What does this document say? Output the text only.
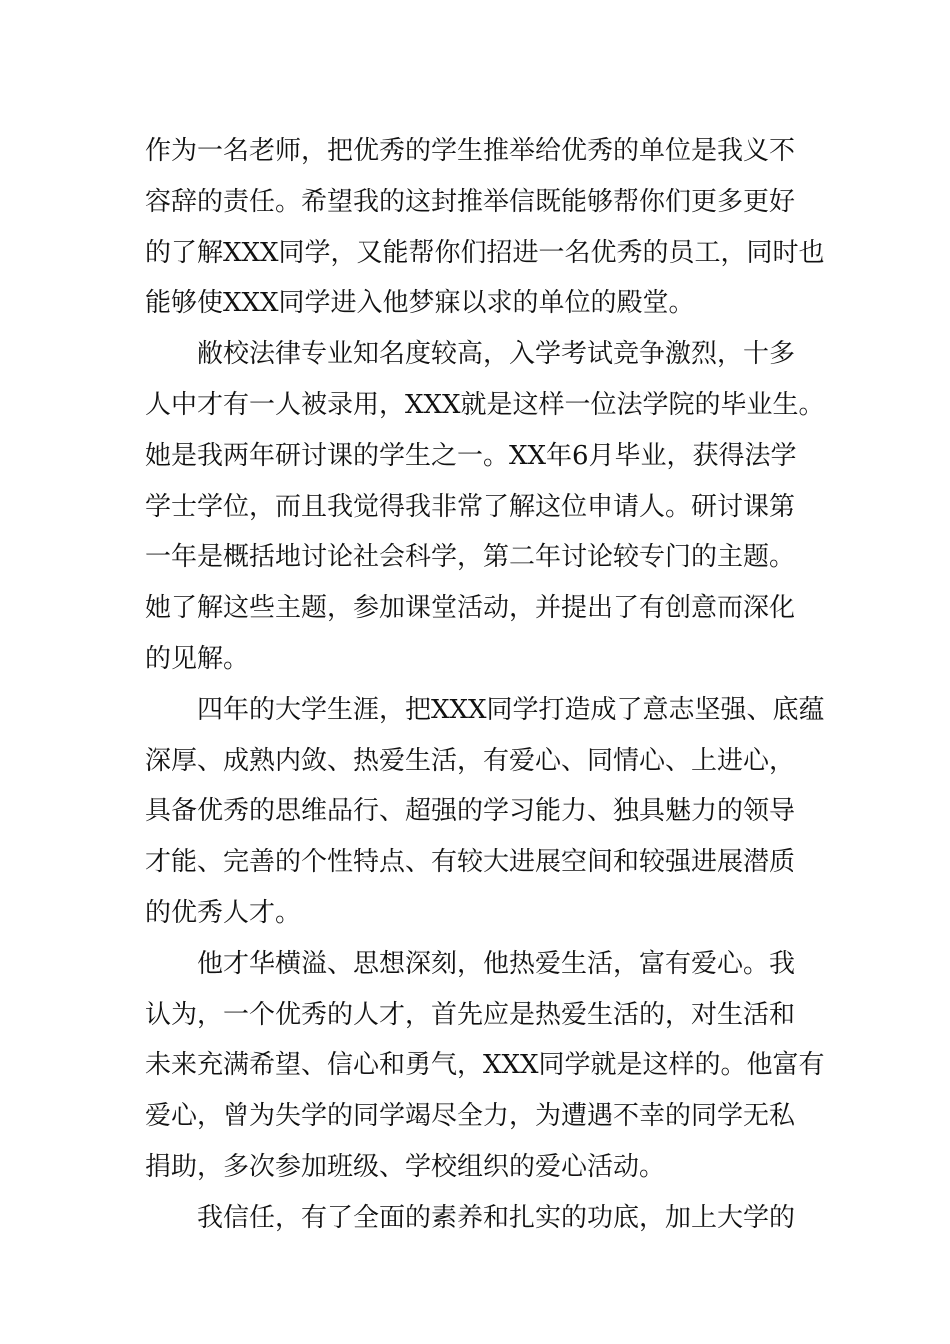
作为一名老师，把优秀的学生推举给优秀的单位是我义不
容辞的责任。希望我的这封推举信既能够帮你们更多更好
的了解XXX同学，又能帮你们招进一名优秀的员工，同时也
能够使XXX同学进入他梦寐以求的单位的殿堂。
敝校法律专业知名度较高，入学考试竞争激烈，十多
人中才有一人被录用，XXX就是这样一位法学院的毕业生。
她是我两年研讨课的学生之一。XX年6月毕业，获得法学
学士学位，而且我觉得我非常了解这位申请人。研讨课第
一年是概括地讨论社会科学，第二年讨论较专门的主题。
她了解这些主题，参加课堂活动，并提出了有创意而深化
的见解。
四年的大学生涯，把XXX同学打造成了意志坚强、底蕴
深厚、成熟内敛、热爱生活，有爱心、同情心、上进心，
具备优秀的思维品行、超强的学习能力、独具魅力的领导
才能、完善的个性特点、有较大进展空间和较强进展潜质
的优秀人才。
他才华横溢、思想深刻，他热爱生活，富有爱心。我
认为，一个优秀的人才，首先应是热爱生活的，对生活和
未来充满希望、信心和勇气，XXX同学就是这样的。他富有
爱心，曾为失学的同学竭尽全力，为遭遇不幸的同学无私
捐助，多次参加班级、学校组织的爱心活动。
我信任，有了全面的素养和扎实的功底，加上大学的
